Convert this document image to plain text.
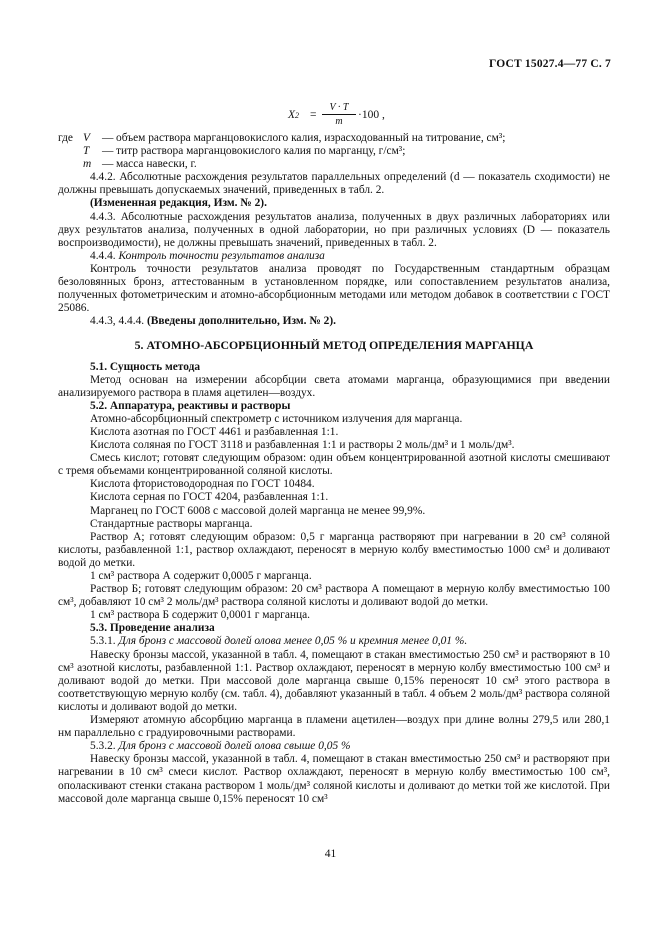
ГОСТ 15027.4—77 С. 7
$X2 = \frac{V \cdot T}{m} \cdot 100$ ,
где V — объем раствора марганцовокислого калия, израсходованный на титрование, см³;
T — титр раствора марганцовокислого калия по марганцу, г/см³;
m — масса навески, г.

4.4.2. Абсолютные расхождения результатов параллельных определений (d — показатель сходимости) не должны превышать допускаемых значений, приведенных в табл. 2.

(Измененная редакция, Изм. № 2).

4.4.3. Абсолютные расхождения результатов анализа, полученных в двух различных лабораториях или двух результатов анализа, полученных в одной лаборатории, но при различных условиях (D — показатель воспроизводимости), не должны превышать значений, приведенных в табл. 2.

4.4.4. Контроль точности результатов анализа

Контроль точности результатов анализа проводят по Государственным стандартным образцам безоловянных бронз, аттестованным в установленном порядке, или сопоставлением результатов анализа, полученных фотометрическим и атомно-абсорбционным методами или методом добавок в соответствии с ГОСТ 25086.

4.4.3, 4.4.4. (Введены дополнительно, Изм. № 2).

5. АТОМНО-АБСОРБЦИОННЫЙ МЕТОД ОПРЕДЕЛЕНИЯ МАРГАНЦА

5.1. Сущность метода

Метод основан на измерении абсорбции света атомами марганца, образующимися при введении анализируемого раствора в пламя ацетилен—воздух.

5.2. Аппаратура, реактивы и растворы

Атомно-абсорбционный спектрометр с источником излучения для марганца.

Кислота азотная по ГОСТ 4461 и разбавленная 1:1.

Кислота соляная по ГОСТ 3118 и разбавленная 1:1 и растворы 2 моль/дм³ и 1 моль/дм³.

Смесь кислот; готовят следующим образом: один объем концентрированной азотной кислоты смешивают с тремя объемами концентрированной соляной кислоты.

Кислота фтористоводородная по ГОСТ 10484.

Кислота серная по ГОСТ 4204, разбавленная 1:1.

Марганец по ГОСТ 6008 с массовой долей марганца не менее 99,9%.

Стандартные растворы марганца.

Раствор А; готовят следующим образом: 0,5 г марганца растворяют при нагревании в 20 см³ соляной кислоты, разбавленной 1:1, раствор охлаждают, переносят в мерную колбу вместимостью 1000 см³ и доливают водой до метки.

1 см³ раствора А содержит 0,0005 г марганца.

Раствор Б; готовят следующим образом: 20 см³ раствора А помещают в мерную колбу вместимостью 100 см³, добавляют 10 см³ 2 моль/дм³ раствора соляной кислоты и доливают водой до метки.

1 см³ раствора Б содержит 0,0001 г марганца.

5.3. Проведение анализа

5.3.1. Для бронз с массовой долей олова менее 0,05 % и кремния менее 0,01 %.

Навеску бронзы массой, указанной в табл. 4, помещают в стакан вместимостью 250 см³ и растворяют в 10 см³ азотной кислоты, разбавленной 1:1. Раствор охлаждают, переносят в мерную колбу вместимостью 100 см³ и доливают водой до метки. При массовой доле марганца свыше 0,15% переносят 10 см³ этого раствора в соответствующую мерную колбу (см. табл. 4), добавляют указанный в табл. 4 объем 2 моль/дм³ раствора соляной кислоты и доливают водой до метки.

Измеряют атомную абсорбцию марганца в пламени ацетилен—воздух при длине волны 279,5 или 280,1 нм параллельно с градуировочными растворами.

5.3.2. Для бронз с массовой долей олова свыше 0,05 %

Навеску бронзы массой, указанной в табл. 4, помещают в стакан вместимостью 250 см³ и растворяют при нагревании в 10 см³ смеси кислот. Раствор охлаждают, переносят в мерную колбу вместимостью 100 см³, ополаскивают стенки стакана раствором 1 моль/дм³ соляной кислоты и доливают до метки той же кислотой. При массовой доле марганца свыше 0,15% переносят 10 см³

41
